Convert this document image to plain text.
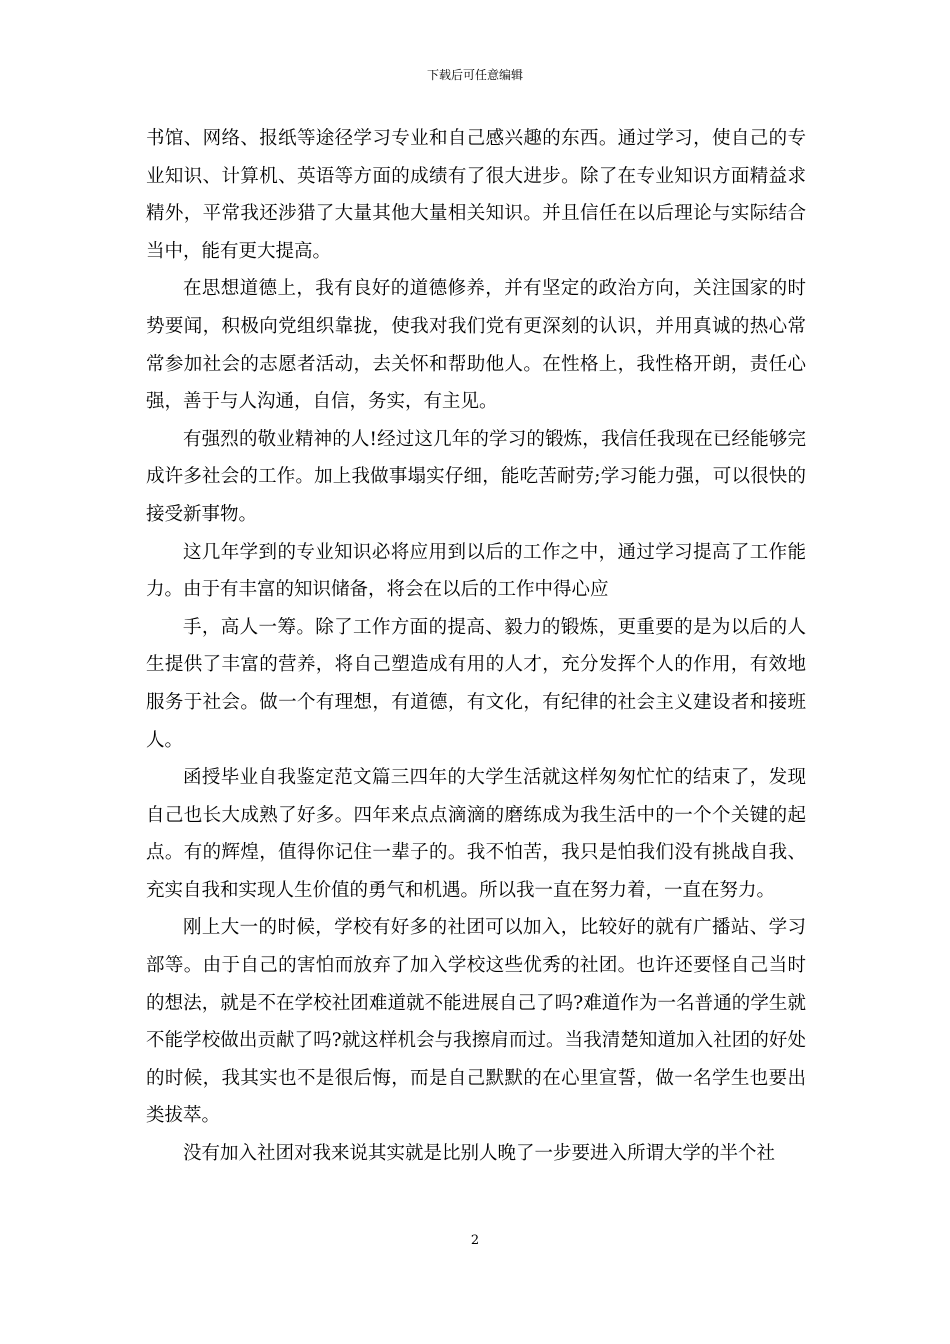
下载后可任意编辑

书馆、网络、报纸等途径学习专业和自己感兴趣的东西。通过学习，使自己的专业知识、计算机、英语等方面的成绩有了很大进步。除了在专业知识方面精益求精外，平常我还涉猎了大量其他大量相关知识。并且信任在以后理论与实际结合当中，能有更大提高。

在思想道德上，我有良好的道德修养，并有坚定的政治方向，关注国家的时势要闻，积极向党组织靠拢，使我对我们党有更深刻的认识，并用真诚的热心常常参加社会的志愿者活动，去关怀和帮助他人。在性格上，我性格开朗，责任心强，善于与人沟通，自信，务实，有主见。

有强烈的敬业精神的人!经过这几年的学习的锻炼，我信任我现在已经能够完成许多社会的工作。加上我做事塌实仔细，能吃苦耐劳;学习能力强，可以很快的接受新事物。

这几年学到的专业知识必将应用到以后的工作之中，通过学习提高了工作能力。由于有丰富的知识储备，将会在以后的工作中得心应

手，高人一筹。除了工作方面的提高、毅力的锻炼，更重要的是为以后的人生提供了丰富的营养，将自己塑造成有用的人才，充分发挥个人的作用，有效地服务于社会。做一个有理想，有道德，有文化，有纪律的社会主义建设者和接班人。

函授毕业自我鉴定范文篇三四年的大学生活就这样匆匆忙忙的结束了，发现自己也长大成熟了好多。四年来点点滴滴的磨练成为我生活中的一个个关键的起点。有的辉煌，值得你记住一辈子的。我不怕苦，我只是怕我们没有挑战自我、充实自我和实现人生价值的勇气和机遇。所以我一直在努力着，一直在努力。

刚上大一的时候，学校有好多的社团可以加入，比较好的就有广播站、学习部等。由于自己的害怕而放弃了加入学校这些优秀的社团。也许还要怪自己当时的想法，就是不在学校社团难道就不能进展自己了吗?难道作为一名普通的学生就不能学校做出贡献了吗?就这样机会与我擦肩而过。当我清楚知道加入社团的好处的时候，我其实也不是很后悔，而是自己默默的在心里宣誓，做一名学生也要出类拔萃。

没有加入社团对我来说其实就是比别人晚了一步要进入所谓大学的半个社

2
